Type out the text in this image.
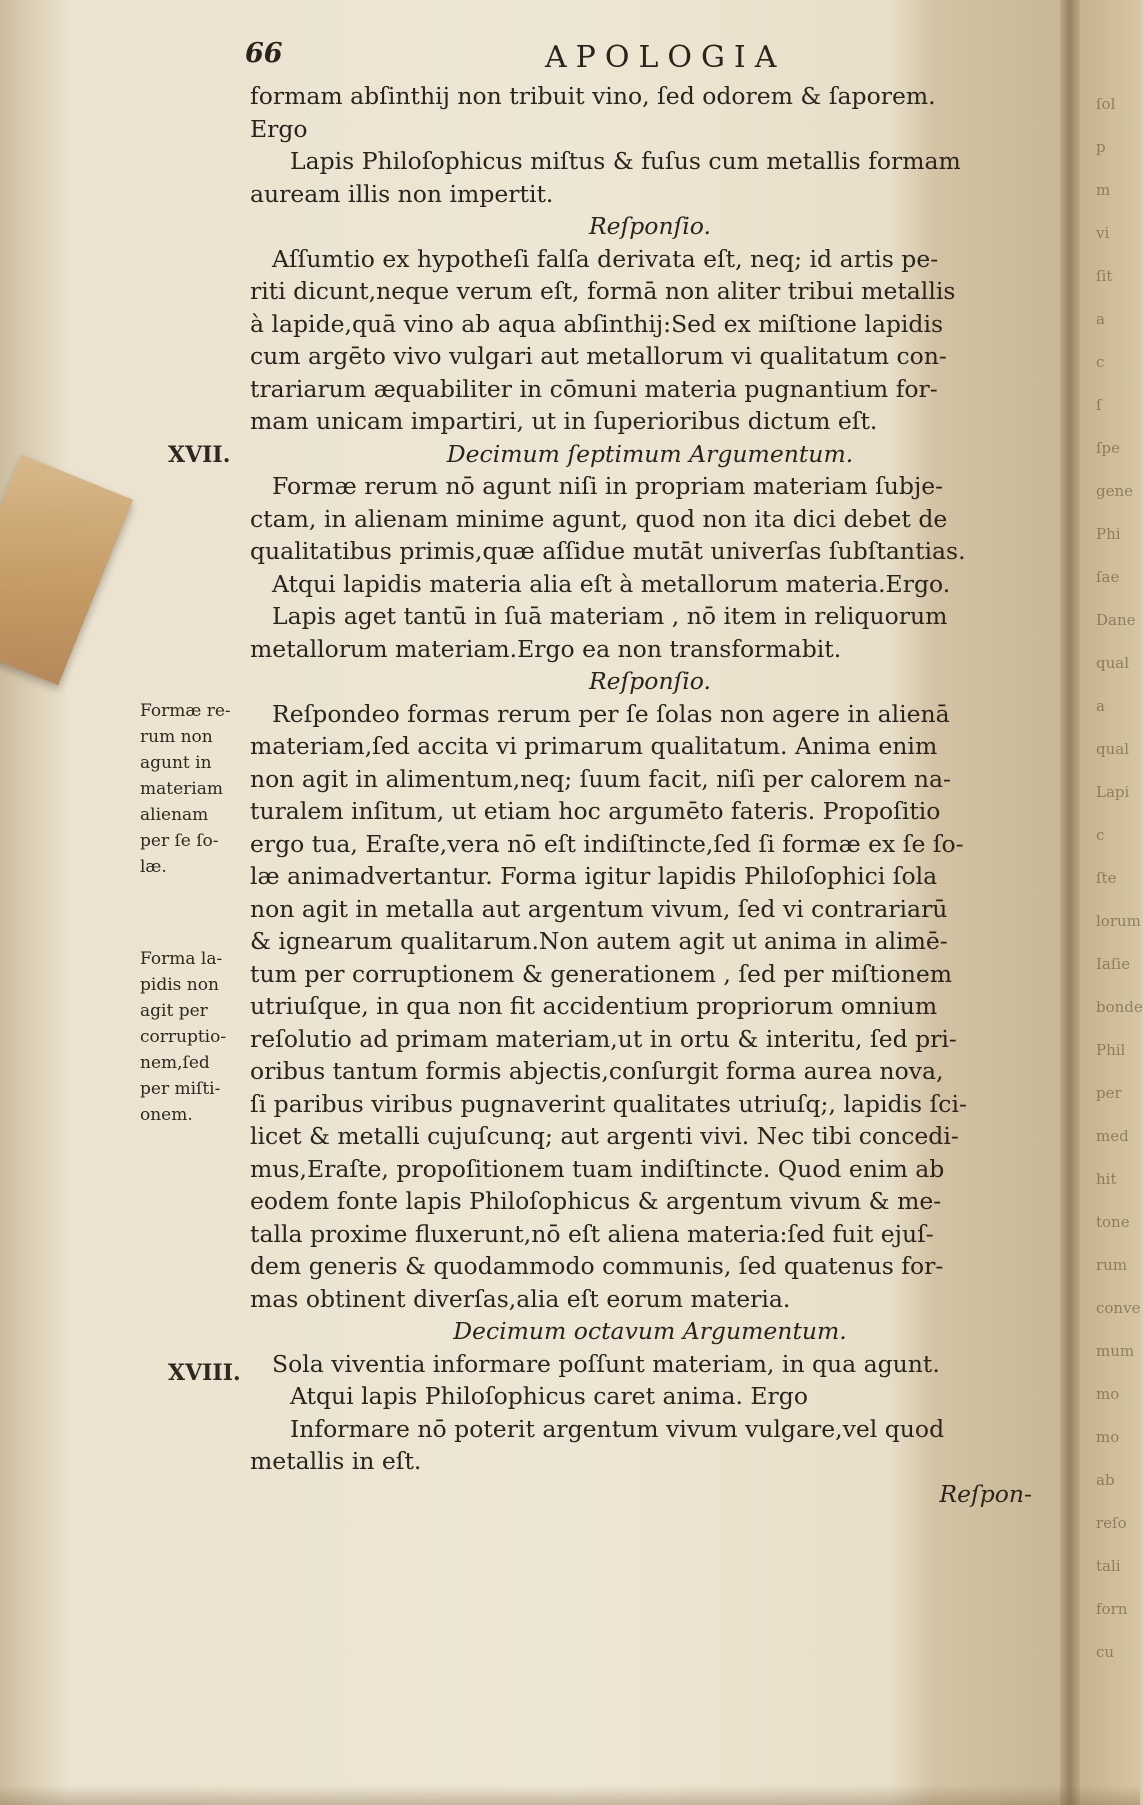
ſol
p
m
vi
ſit
a
c
ſ
ſpe
gene
Phi
ſae
Dane
qual
a
qual
Lapi
c
ſte
lorum
Iaſie
bonde
Phil
per
med
hit
tone
rum
conve
mum
mo
mo
ab
reſo
tali
forn
cu
66	APOLOGIA
formam abſinthij non tribuit vino, ſed odorem & ſaporem.
Ergo
Lapis Philoſophicus miſtus & fuſus cum metallis formam
auream illis non impertit.
Reſponſio.
Aſſumtio ex hypotheſi falſa derivata eſt, neq; id artis pe-
riti dicunt,neque verum eſt, formā non aliter tribui metallis
à lapide,quā vino ab aqua abſinthij:Sed ex miſtione lapidis
cum argēto vivo vulgari aut metallorum vi qualitatum con-
trariarum æquabiliter in cōmuni materia pugnantium for-
mam unicam impartiri, ut in ſuperioribus dictum eſt.
Decimum ſeptimum Argumentum.
Formæ rerum nō agunt niſi in propriam materiam ſubje-
ctam, in alienam minime agunt, quod non ita dici debet de
qualitatibus primis,quæ aſſidue mutāt univerſas ſubſtantias.
Atqui lapidis materia alia eſt à metallorum materia.Ergo.
Lapis aget tantū in ſuā materiam , nō item in reliquorum
metallorum materiam.Ergo ea non transformabit.
Reſponſio.
Reſpondeo formas rerum per ſe ſolas non agere in alienā
materiam,ſed accita vi primarum qualitatum. Anima enim
non agit in alimentum,neq; ſuum facit, niſi per calorem na-
turalem inſitum, ut etiam hoc argumēto fateris. Propoſitio
ergo tua, Eraſte,vera nō eſt indiſtincte,ſed ſi formæ ex ſe ſo-
læ animadvertantur. Forma igitur lapidis Philoſophici ſola
non agit in metalla aut argentum vivum, ſed vi contrariarū
& ignearum qualitarum.Non autem agit ut anima in alimē-
tum per corruptionem & generationem , ſed per miſtionem
utriuſque, in qua non fit accidentium propriorum omnium
reſolutio ad primam materiam,ut in ortu & interitu, ſed pri-
oribus tantum formis abjectis,conſurgit forma aurea nova,
ſi paribus viribus pugnaverint qualitates utriuſq;, lapidis ſci-
licet & metalli cujuſcunq; aut argenti vivi. Nec tibi concedi-
mus,Eraſte, propoſitionem tuam indiſtincte. Quod enim ab
eodem fonte lapis Philoſophicus & argentum vivum & me-
talla proxime fluxerunt,nō eſt aliena materia:ſed fuit ejuſ-
dem generis & quodammodo communis, ſed quatenus for-
mas obtinent diverſas,alia eſt eorum materia.
Decimum octavum Argumentum.
Sola viventia informare poſſunt materiam, in qua agunt.
Atqui lapis Philoſophicus caret anima. Ergo
Informare nō poterit argentum vivum vulgare,vel quod
metallis in eſt.
Reſpon-
XVII.
Formæ re-
rum non
agunt in
materiam
alienam
per ſe ſo-
læ.
Forma la-
pidis non
agit per
corruptio-
nem,ſed
per miſti-
onem.
XVIII.
